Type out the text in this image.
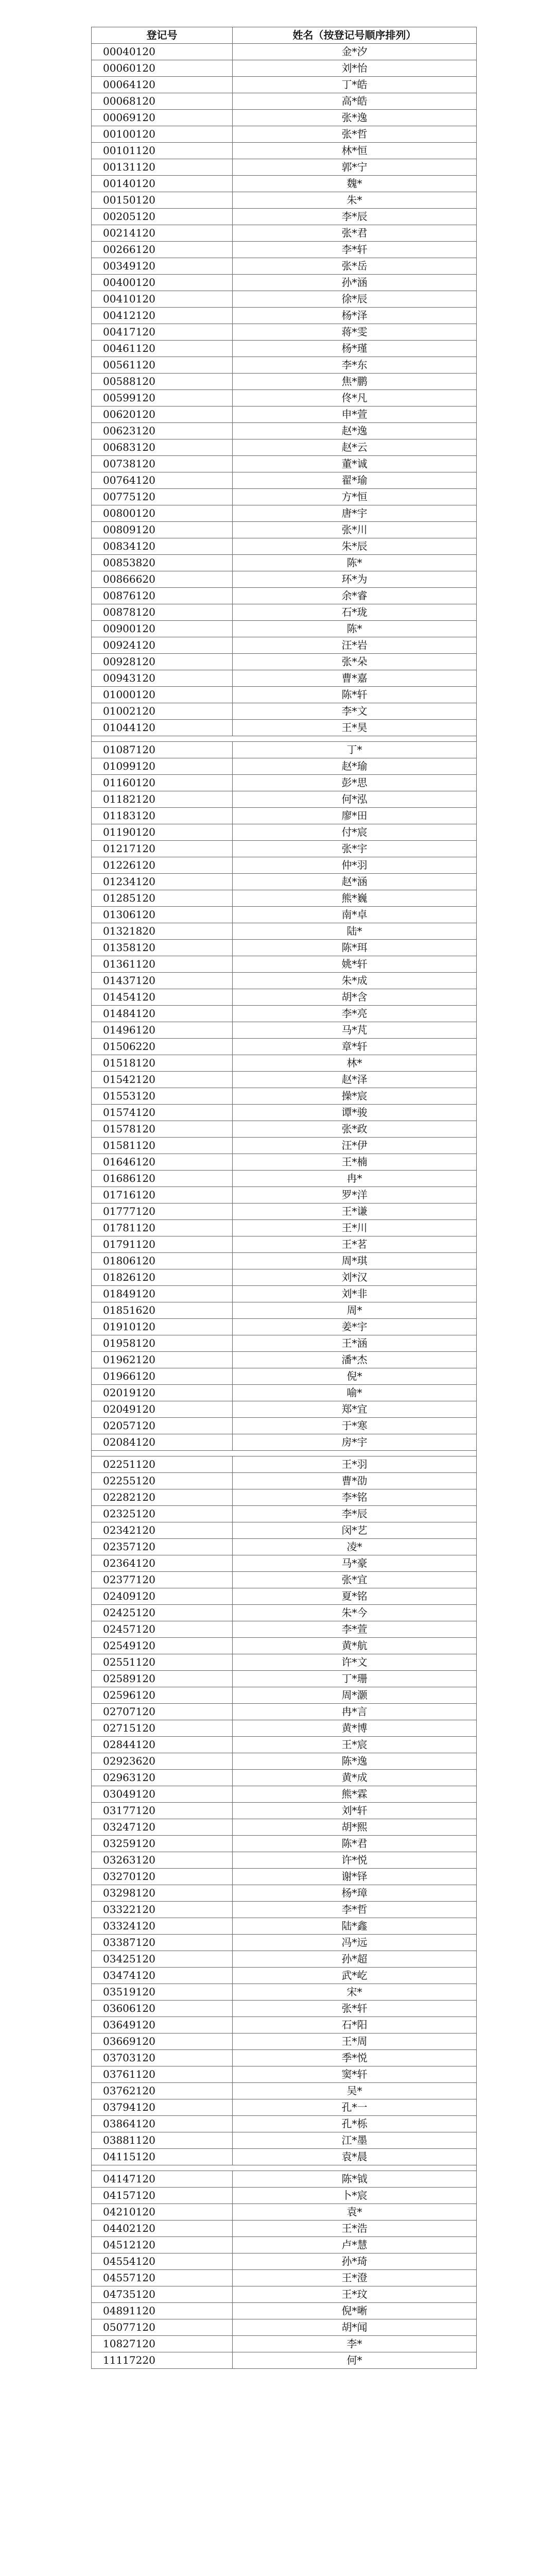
登记号	姓名（按登记号顺序排列）
00040120	金*汐
00060120	刘*怡
00064120	丁*皓
00068120	高*皓
00069120	张*逸
00100120	张*哲
00101120	林*恒
00131120	郭*宁
00140120	魏*
00150120	朱*
00205120	李*辰
00214120	张*君
00266120	李*轩
00349120	张*岳
00400120	孙*涵
00410120	徐*辰
00412120	杨*泽
00417120	蒋*雯
00461120	杨*瑾
00561120	李*东
00588120	焦*鹏
00599120	佟*凡
00620120	申*萱
00623120	赵*逸
00683120	赵*云
00738120	董*诚
00764120	翟*瑜
00775120	方*恒
00800120	唐*宇
00809120	张*川
00834120	朱*辰
00853820	陈*
00866620	环*为
00876120	余*睿
00878120	石*珑
00900120	陈*
00924120	汪*岩
00928120	张*朵
00943120	曹*嘉
01000120	陈*轩
01002120	李*文
01044120	王*昊

01087120	丁*
01099120	赵*瑜
01160120	彭*思
01182120	何*泓
01183120	廖*田
01190120	付*宸
01217120	张*宇
01226120	仲*羽
01234120	赵*涵
01285120	熊*巍
01306120	南*卓
01321820	陆*
01358120	陈*珥
01361120	姚*轩
01437120	朱*成
01454120	胡*含
01484120	李*亮
01496120	马*芃
01506220	章*轩
01518120	林*
01542120	赵*泽
01553120	操*宸
01574120	谭*骏
01578120	张*政
01581120	汪*伊
01646120	王*楠
01686120	冉*
01716120	罗*洋
01777120	王*谦
01781120	王*川
01791120	王*茗
01806120	周*琪
01826120	刘*汉
01849120	刘*非
01851620	周*
01910120	姜*宇
01958120	王*涵
01962120	潘*杰
01966120	倪*
02019120	喻*
02049120	郑*宜
02057120	于*寒
02084120	房*宇

02251120	王*羽
02255120	曹*劭
02282120	李*铭
02325120	李*辰
02342120	闵*艺
02357120	凌*
02364120	马*豪
02377120	张*宜
02409120	夏*铭
02425120	朱*今
02457120	李*萱
02549120	黄*航
02551120	许*文
02589120	丁*珊
02596120	周*灏
02707120	冉*言
02715120	黄*博
02844120	王*宸
02923620	陈*逸
02963120	黄*成
03049120	熊*霖
03177120	刘*轩
03247120	胡*熙
03259120	陈*君
03263120	许*悦
03270120	谢*铎
03298120	杨*璋
03322120	李*哲
03324120	陆*鑫
03387120	冯*远
03425120	孙*超
03474120	武*屹
03519120	宋*
03606120	张*轩
03649120	石*阳
03669120	王*周
03703120	季*悦
03761120	窦*轩
03762120	吴*
03794120	孔*一
03864120	孔*栎
03881120	江*墨
04115120	袁*晨

04147120	陈*钺
04157120	卜*宸
04210120	袁*
04402120	王*浩
04512120	卢*慧
04554120	孙*琦
04557120	王*澄
04735120	王*玟
04891120	倪*晰
05077120	胡*闻
10827120	李*
11117220	何*
